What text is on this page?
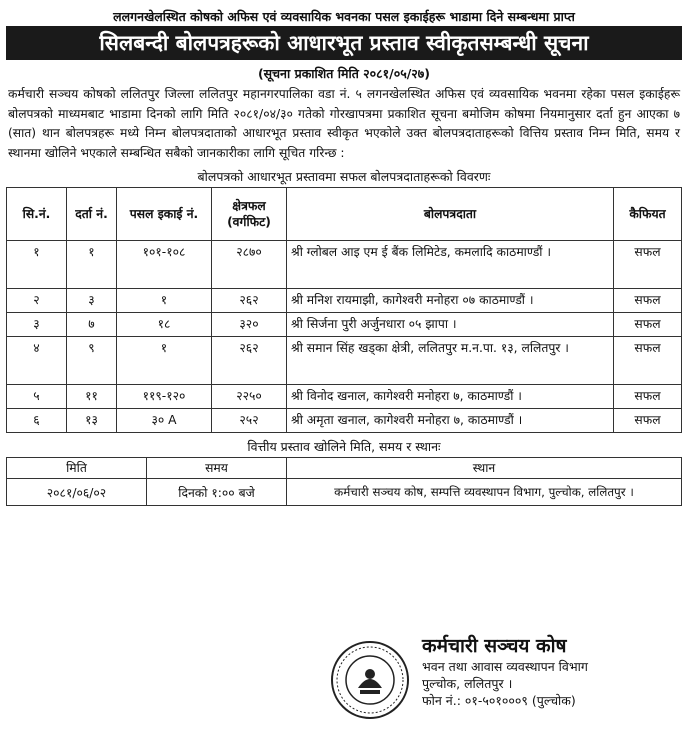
ललगनखेलस्थित कोषको अफिस एवं व्यवसायिक भवनका पसल इकाईहरू भाडामा दिने सम्बन्धमा प्राप्त
सिलबन्दी बोलपत्रहरूको आधारभूत प्रस्ताव स्वीकृतसम्बन्धी सूचना
(सूचना प्रकाशित मिति २०८१/०५/२७)
कर्मचारी सञ्चय कोषको ललितपुर जिल्ला ललितपुर महानगरपालिका वडा नं. ५ लगनखेलस्थित अफिस एवं व्यवसायिक भवनमा रहेका पसल इकाईहरू बोलपत्रको माध्यमबाट भाडामा दिनको लागि मिति २०८१/०४/३० गतेको गोरखापत्रमा प्रकाशित सूचना बमोजिम कोषमा नियमानुसार दर्ता हुन आएका ७ (सात) थान बोलपत्रहरू मध्ये निम्न बोलपत्रदाताको आधारभूत प्रस्ताव स्वीकृत भएकोले उक्त बोलपत्रदाताहरूको वित्तिय प्रस्ताव निम्न मिति, समय र स्थानमा खोलिने भएकाले सम्बन्धित सबैको जानकारीका लागि सूचित गरिन्छ :
बोलपत्रको आधारभूत प्रस्तावमा सफल बोलपत्रदाताहरूको विवरणः
सि.नं.	दर्ता नं.	पसल इकाई नं.	क्षेत्रफल (वर्गफिट)	बोलपत्रदाता	कैफियत
१	१	१०१-१०८	२८७०	श्री ग्लोबल आइ एम ई बैंक लिमिटेड, कमलादि काठमाण्डौं ।	सफल
२	३	१	२६२	श्री मनिश रायमाझी, कागेश्वरी मनोहरा ०७ काठमाण्डौं ।	सफल
३	७	१८	३२०	श्री सिर्जना पुरी अर्जुनधारा ०५ झापा ।	सफल
४	९	१	२६२	श्री समान सिंह खड्का क्षेत्री, ललितपुर म.न.पा. १३, ललितपुर ।	सफल
५	११	११९-१२०	२२५०	श्री विनोद खनाल, कागेश्वरी मनोहरा ७, काठमाण्डौं ।	सफल
६	१३	३० A	२५२	श्री अमृता खनाल, कागेश्वरी मनोहरा ७, काठमाण्डौं ।	सफल
वित्तीय प्रस्ताव खोलिने मिति, समय र स्थानः
मिति	समय	स्थान
२०८१/०६/०२	दिनको १:०० बजे	कर्मचारी सञ्चय कोष, सम्पत्ति व्यवस्थापन विभाग, पुल्चोक, ललितपुर ।
कर्मचारी सञ्चय कोष
भवन तथा आवास व्यवस्थापन विभाग
पुल्चोक, ललितपुर ।
फोन नं.: ०१-५०१०००९ (पुल्चोक)
